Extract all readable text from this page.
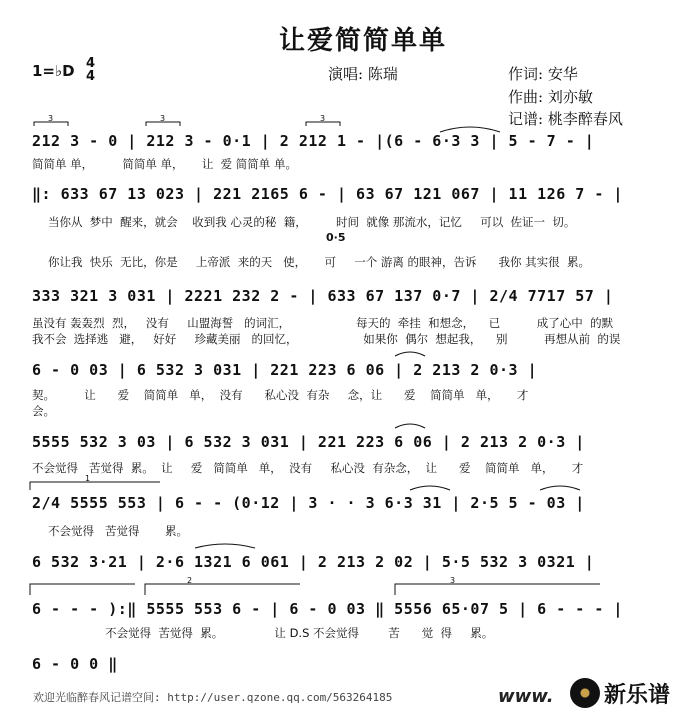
让爱简简单单
1=♭D 4
4	演唱: 陈瑞	作词: 安华
作曲: 刘亦敏
记谱: 桃李醉春风
212 3 - 0 | 212 3 - 0·1 | 2 212 1 - |(6 - 6·3 3 | 5 - 7 - |
简简单 单，        简简单 单，     让  爱 简简单 单。
‖: 633 67 13 023 | 221 2165 6 - | 63 67 121 067 | 11 126 7 - |
当你从  梦中  醒来，就会    收到我 心灵的秘  籍，        时间  就像 那流水，记忆     可以  佐证一  切。
0·5
你让我  快乐  无比，你是     上帝派  来的天   使，     可     一个 游离 的眼神，告诉      我你 其实很  累。
333 321 3 031 | 2221 232 2 - | 633 67 137 0·7 | 2/4 7717 57 |
虽没有 轰轰烈  烈，   没有     山盟海誓   的词汇，                  每天的  牵挂  和想念，    已          成了心中  的默
我不会  选择逃   避，   好好     珍藏美丽   的回忆，                  如果你  偶尔  想起我，    别          再想从前  的误
6 - 0 03 | 6 532 3 031 | 221 223 6 06 | 2 213 2 0·3 |
契。        让      爱    简简单   单，  没有      私心没  有杂     念，让      爱    简简单   单，     才
会。
5555 532 3 03 | 6 532 3 031 | 221 223 6 06 | 2 213 2 0·3 |
不会觉得   苦觉得  累。  让     爱   简简单   单，  没有     私心没  有杂念，  让      爱    简简单   单，     才
2/4 5555 553 | 6 - - (0·12 | 3 · · 3 6·3 31 | 2·5 5 - 03 |
不会觉得   苦觉得       累。
6 532 3·21 | 2·6 1321 6 061 | 2 213 2 02 | 5·5 532 3 0321 |
6 - - - ):‖ 5555 553 6 - | 6 - 0 03 ‖ 5556 65·07 5 | 6 - - - |
不会觉得  苦觉得  累。              让 D.S 不会觉得        苦      觉  得     累。
6 - 0 0 ‖
3	3	3
2	3
1
欢迎光临醉春风记谱空间: http://user.qzone.qq.com/563264185	www. 新乐谱
